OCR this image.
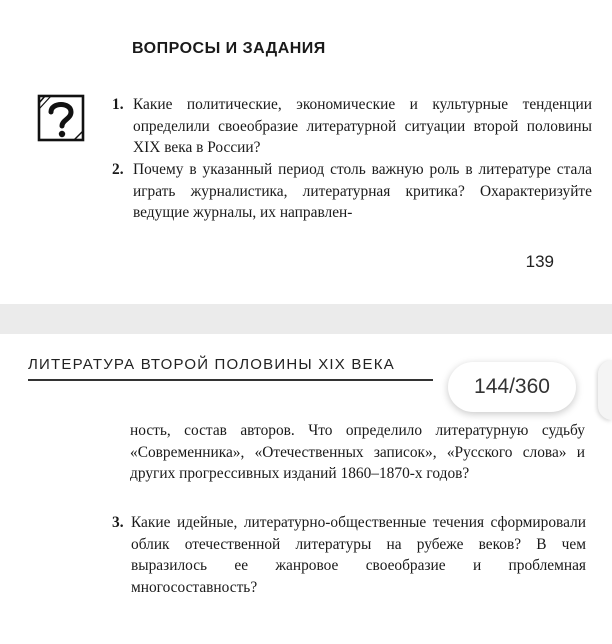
ВОПРОСЫ И ЗАДАНИЯ
1. Какие политические, экономические и культурные тенденции определили своеобразие литературной ситуации второй половины XIX века в России?
2. Почему в указанный период столь важную роль в литературе стала играть журналистика, литературная критика? Охарактеризуйте ведущие журналы, их направлен-
139
ЛИТЕРАТУРА ВТОРОЙ ПОЛОВИНЫ XIX ВЕКА
144/360
ность, состав авторов. Что определило литературную судьбу «Современника», «Отечественных записок», «Русского слова» и других прогрессивных изданий 1860–1870-х годов?
3. Какие идейные, литературно-общественные течения сформировали облик отечественной литературы на рубеже веков? В чем выразилось ее жанровое своеобразие и проблемная многосоставность?
